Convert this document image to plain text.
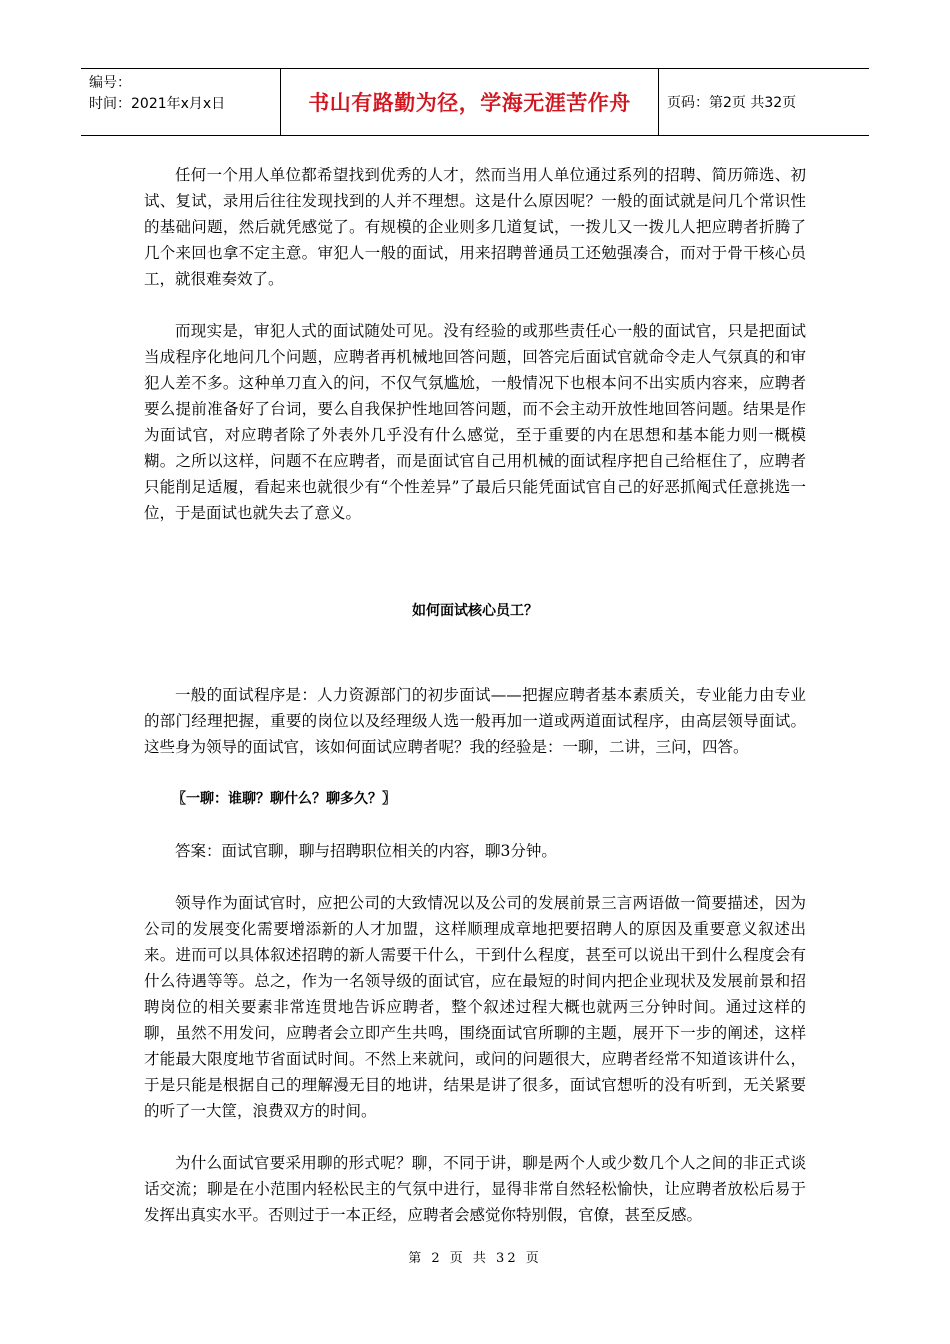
编号：
时间：2021年x月x日	书山有路勤为径，学海无涯苦作舟	页码：第2页 共32页

任何一个用人单位都希望找到优秀的人才，然而当用人单位通过系列的招聘、简历筛选、初试、复试，录用后往往发现找到的人并不理想。这是什么原因呢？一般的面试就是问几个常识性的基础问题，然后就凭感觉了。有规模的企业则多几道复试，一拨儿又一拨儿人把应聘者折腾了几个来回也拿不定主意。审犯人一般的面试，用来招聘普通员工还勉强凑合，而对于骨干核心员工，就很难奏效了。

而现实是，审犯人式的面试随处可见。没有经验的或那些责任心一般的面试官，只是把面试当成程序化地问几个问题，应聘者再机械地回答问题，回答完后面试官就命令走人气氛真的和审犯人差不多。这种单刀直入的问，不仅气氛尴尬，一般情况下也根本问不出实质内容来，应聘者要么提前准备好了台词，要么自我保护性地回答问题，而不会主动开放性地回答问题。结果是作为面试官，对应聘者除了外表外几乎没有什么感觉，至于重要的内在思想和基本能力则一概模糊。之所以这样，问题不在应聘者，而是面试官自己用机械的面试程序把自己给框住了，应聘者只能削足适履，看起来也就很少有“个性差异”了最后只能凭面试官自己的好恶抓阄式任意挑选一位，于是面试也就失去了意义。

如何面试核心员工？

一般的面试程序是：人力资源部门的初步面试——把握应聘者基本素质关，专业能力由专业的部门经理把握，重要的岗位以及经理级人选一般再加一道或两道面试程序，由高层领导面试。这些身为领导的面试官，该如何面试应聘者呢？我的经验是：一聊，二讲，三问，四答。

〖一聊：谁聊？聊什么？聊多久？〗

答案：面试官聊，聊与招聘职位相关的内容，聊3分钟。

领导作为面试官时，应把公司的大致情况以及公司的发展前景三言两语做一简要描述，因为公司的发展变化需要增添新的人才加盟，这样顺理成章地把要招聘人的原因及重要意义叙述出来。进而可以具体叙述招聘的新人需要干什么，干到什么程度，甚至可以说出干到什么程度会有什么待遇等等。总之，作为一名领导级的面试官，应在最短的时间内把企业现状及发展前景和招聘岗位的相关要素非常连贯地告诉应聘者，整个叙述过程大概也就两三分钟时间。通过这样的聊，虽然不用发问，应聘者会立即产生共鸣，围绕面试官所聊的主题，展开下一步的阐述，这样才能最大限度地节省面试时间。不然上来就问，或问的问题很大，应聘者经常不知道该讲什么，于是只能是根据自己的理解漫无目的地讲，结果是讲了很多，面试官想听的没有听到，无关紧要的听了一大筐，浪费双方的时间。

为什么面试官要采用聊的形式呢？聊，不同于讲，聊是两个人或少数几个人之间的非正式谈话交流；聊是在小范围内轻松民主的气氛中进行，显得非常自然轻松愉快，让应聘者放松后易于发挥出真实水平。否则过于一本正经，应聘者会感觉你特别假，官僚，甚至反感。

第 2 页 共 32 页
